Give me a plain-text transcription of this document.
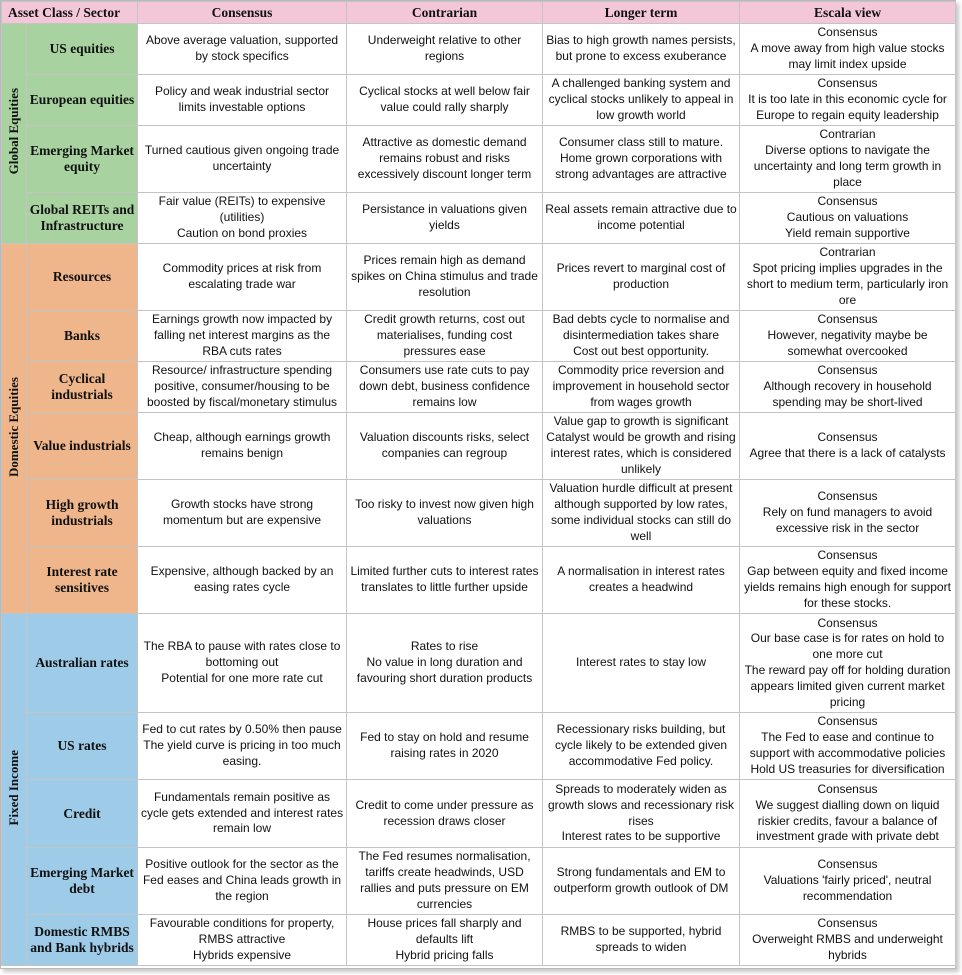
Asset Class / Sector		Consensus	Contrarian	Longer term	Escala view
Global Equities	US equities	Above average valuation, supported by stock specifics	Underweight relative to other regions	Bias to high growth names persists, but prone to excess exuberance	Consensus
A move away from high value stocks may limit index upside
	European equities	Policy and weak industrial sector limits investable options	Cyclical stocks at well below fair value could rally sharply	A challenged banking system and cyclical stocks unlikely to appeal in low growth world	Consensus
It is too late in this economic cycle for Europe to regain equity leadership
	Emerging Market equity	Turned cautious given ongoing trade uncertainty	Attractive as domestic demand remains robust and risks excessively discount longer term	Consumer class still to mature. Home grown corporations with strong advantages are attractive	Contrarian
Diverse options to navigate the uncertainty and long term growth in place
	Global REITs and Infrastructure	Fair value (REITs) to expensive (utilities)
Caution on bond proxies	Persistance in valuations given yields	Real assets remain attractive due to income potential	Consensus
Cautious on valuations
Yield remain supportive
Domestic Equities	Resources	Commodity prices at risk from escalating trade war	Prices remain high as demand spikes on China stimulus and trade resolution	Prices revert to marginal cost of production	Contrarian
Spot pricing implies upgrades in the short to medium term, particularly iron ore
	Banks	Earnings growth now impacted by falling net interest margins as the RBA cuts rates	Credit growth returns, cost out materialises, funding cost pressures ease	Bad debts cycle to normalise and disintermediation takes share
Cost out best opportunity.	Consensus
However, negativity maybe be somewhat overcooked
	Cyclical industrials	Resource/ infrastructure spending positive, consumer/housing to be boosted by fiscal/monetary stimulus	Consumers use rate cuts to pay down debt, business confidence remains low	Commodity price reversion and improvement in household sector from wages growth	Consensus
Although recovery in household spending may be short-lived
	Value industrials	Cheap, although earnings growth remains benign	Valuation discounts risks, select companies can regroup	Value gap to growth is significant
Catalyst would be growth and rising interest rates, which is considered unlikely	Consensus
Agree that there is a lack of catalysts
	High growth industrials	Growth stocks have strong momentum but are expensive	Too risky to invest now given high valuations	Valuation hurdle difficult at present although supported by low rates, some individual stocks can still do well	Consensus
Rely on fund managers to avoid excessive risk in the sector
	Interest rate sensitives	Expensive, although backed by an easing rates cycle	Limited further cuts to interest rates translates to little further upside	A normalisation in interest rates creates a headwind	Consensus
Gap between equity and fixed income yields remains high enough for support for these stocks.
Fixed Income	Australian rates	The RBA to pause with rates close to bottoming out
Potential for one more rate cut	Rates to rise
No value in long duration and favouring short duration products	Interest rates to stay low	Consensus
Our base case is for rates on hold to one more cut
The reward pay off for holding duration appears limited given current market pricing
	US rates	Fed to cut rates by 0.50% then pause
The yield curve is pricing in too much easing.	Fed to stay on hold and resume raising rates in 2020	Recessionary risks building, but cycle likely to be extended given accommodative Fed policy.	Consensus
The Fed to ease and continue to support with accommodative policies
Hold US treasuries for diversification
	Credit	Fundamentals remain positive as cycle gets extended and interest rates remain low	Credit to come under pressure as recession draws closer	Spreads to moderately widen as growth slows and recessionary risk rises
Interest rates to be supportive	Consensus
We suggest dialling down on liquid riskier credits, favour a balance of investment grade with private debt
	Emerging Market debt	Positive outlook for the sector as the Fed eases and China leads growth in the region	The Fed resumes normalisation, tariffs create headwinds, USD rallies and puts pressure on EM currencies	Strong fundamentals and EM to outperform growth outlook of DM	Consensus
Valuations 'fairly priced', neutral recommendation
	Domestic RMBS and Bank hybrids	Favourable conditions for property, RMBS attractive
Hybrids expensive	House prices fall sharply and defaults lift
Hybrid pricing falls	RMBS to be supported, hybrid spreads to widen	Consensus
Overweight RMBS and underweight hybrids
